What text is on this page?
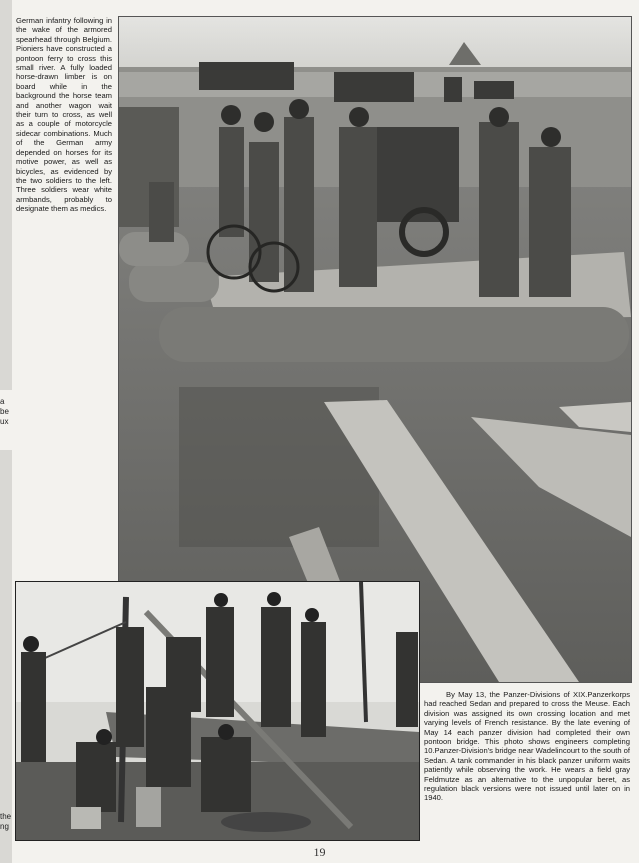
a
be
ux
the
ng
German infantry following in the wake of the armored spearhead through Belgium. Pioniers have constructed a pontoon ferry to cross this small river. A fully loaded horse-drawn limber is on board while in the background the horse team and another wagon wait their turn to cross, as well as a couple of motorcycle sidecar combinations. Much of the German army depended on horses for its motive power, as well as bicycles, as evidenced by the two soldiers to the left. Three soldiers wear white armbands, probably to designate them as medics.
By May 13, the Panzer-Divisions of XIX.Panzerkorps had reached Sedan and prepared to cross the Meuse. Each division was assigned its own crossing location and met varying levels of French resistance. By the late evening of May 14 each panzer division had completed their own pontoon bridge. This photo shows engineers completing 10.Panzer-Division's bridge near Wadelincourt to the south of Sedan. A tank commander in his black panzer uniform waits patiently while observing the work. He wears a field gray Feldmutze as an alternative to the unpopular beret, as regulation black versions were not issued until later on in 1940.
19
